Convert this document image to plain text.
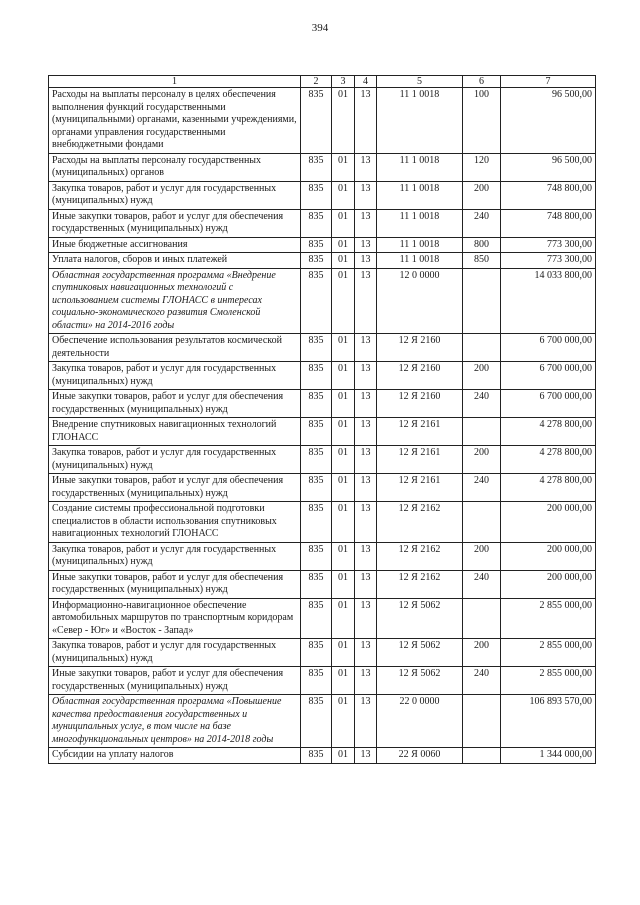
394
1	2	3	4	5	6	7
Расходы на выплаты персоналу в целях обеспечения выполнения функций государственными (муниципальными) органами, казенными учреждениями, органами управления государственными внебюджетными фондами	835	01	13	11 1 0018	100	96 500,00
Расходы на выплаты персоналу государственных (муниципальных) органов	835	01	13	11 1 0018	120	96 500,00
Закупка товаров, работ и услуг для государственных (муниципальных) нужд	835	01	13	11 1 0018	200	748 800,00
Иные закупки товаров, работ и услуг для обеспечения государственных (муниципальных) нужд	835	01	13	11 1 0018	240	748 800,00
Иные бюджетные ассигнования	835	01	13	11 1 0018	800	773 300,00
Уплата налогов, сборов и иных платежей	835	01	13	11 1 0018	850	773 300,00
Областная государственная программа «Внедрение спутниковых навигационных технологий с использованием системы ГЛОНАСС в интересах социально-экономического развития Смоленской области» на 2014-2016 годы	835	01	13	12 0 0000		14 033 800,00
Обеспечение использования результатов космической деятельности	835	01	13	12 Я 2160		6 700 000,00
Закупка товаров, работ и услуг для государственных (муниципальных) нужд	835	01	13	12 Я 2160	200	6 700 000,00
Иные закупки товаров, работ и услуг для обеспечения государственных (муниципальных) нужд	835	01	13	12 Я 2160	240	6 700 000,00
Внедрение спутниковых навигационных технологий ГЛОНАСС	835	01	13	12 Я 2161		4 278 800,00
Закупка товаров, работ и услуг для государственных (муниципальных) нужд	835	01	13	12 Я 2161	200	4 278 800,00
Иные закупки товаров, работ и услуг для обеспечения государственных (муниципальных) нужд	835	01	13	12 Я 2161	240	4 278 800,00
Создание системы профессиональной подготовки специалистов в области использования спутниковых навигационных технологий ГЛОНАСС	835	01	13	12 Я 2162		200 000,00
Закупка товаров, работ и услуг для государственных (муниципальных) нужд	835	01	13	12 Я 2162	200	200 000,00
Иные закупки товаров, работ и услуг для обеспечения государственных (муниципальных) нужд	835	01	13	12 Я 2162	240	200 000,00
Информационно-навигационное обеспечение автомобильных маршрутов по транспортным коридорам «Север - Юг» и «Восток - Запад»	835	01	13	12 Я 5062		2 855 000,00
Закупка товаров, работ и услуг для государственных (муниципальных) нужд	835	01	13	12 Я 5062	200	2 855 000,00
Иные закупки товаров, работ и услуг для обеспечения государственных (муниципальных) нужд	835	01	13	12 Я 5062	240	2 855 000,00
Областная государственная программа «Повышение качества предоставления государственных и муниципальных услуг, в том числе на базе многофункциональных центров» на 2014-2018 годы	835	01	13	22 0 0000		106 893 570,00
Субсидии на уплату налогов	835	01	13	22 Я 0060		1 344 000,00
